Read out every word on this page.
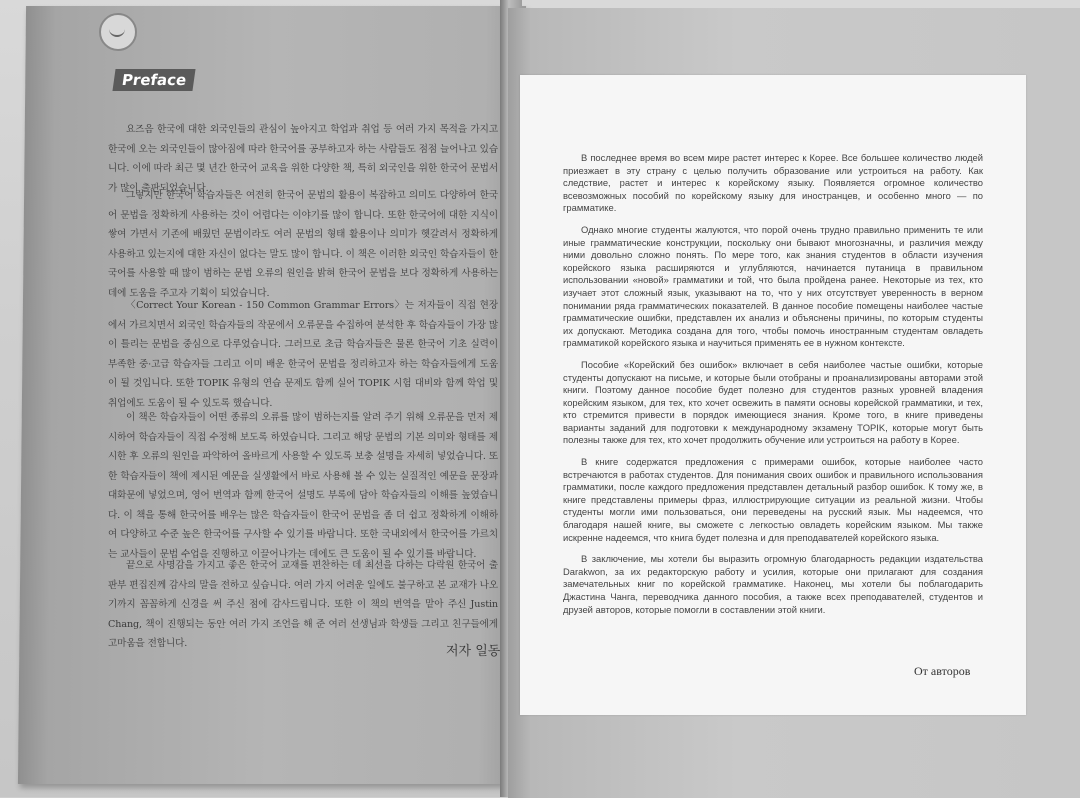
Preface

요즈음 한국에 대한 외국인들의 관심이 높아지고 학업과 취업 등 여러 가지 목적을 가지고 한국에 오는 외국인들이 많아짐에 따라 한국어를 공부하고자 하는 사람들도 점점 늘어나고 있습니다. 이에 따라 최근 몇 년간 한국어 교육을 위한 다양한 책, 특히 외국인을 위한 한국어 문법서가 많이 출판되었습니다.

그렇지만 한국어 학습자들은 여전히 한국어 문법의 활용이 복잡하고 의미도 다양하여 한국어 문법을 정확하게 사용하는 것이 어렵다는 이야기를 많이 합니다. 또한 한국어에 대한 지식이 쌓여 가면서 기존에 배웠던 문법이라도 여러 문법의 형태 활용이나 의미가 헷갈려서 정확하게 사용하고 있는지에 대한 자신이 없다는 말도 많이 합니다. 이 책은 이러한 외국인 학습자들이 한국어를 사용할 때 많이 범하는 문법 오류의 원인을 밝혀 한국어 문법을 보다 정확하게 사용하는 데에 도움을 주고자 기획이 되었습니다.

〈Correct Your Korean - 150 Common Grammar Errors〉는 저자들이 직접 현장에서 가르치면서 외국인 학습자들의 작문에서 오류문을 수집하여 분석한 후 학습자들이 가장 많이 틀리는 문법을 중심으로 다루었습니다. 그러므로 초급 학습자들은 물론 한국어 기초 실력이 부족한 중·고급 학습자들 그리고 이미 배운 한국어 문법을 정리하고자 하는 학습자들에게 도움이 될 것입니다. 또한 TOPIK 유형의 연습 문제도 함께 실어 TOPIK 시험 대비와 함께 학업 및 취업에도 도움이 될 수 있도록 했습니다.

이 책은 학습자들이 어떤 종류의 오류를 많이 범하는지를 알려 주기 위해 오류문을 먼저 제시하여 학습자들이 직접 수정해 보도록 하였습니다. 그리고 해당 문법의 기본 의미와 형태를 제시한 후 오류의 원인을 파악하여 올바르게 사용할 수 있도록 보충 설명을 자세히 넣었습니다. 또한 학습자들이 책에 제시된 예문을 실생활에서 바로 사용해 볼 수 있는 실질적인 예문을 문장과 대화문에 넣었으며, 영어 번역과 함께 한국어 설명도 부록에 담아 학습자들의 이해를 높였습니다. 이 책을 통해 한국어를 배우는 많은 학습자들이 한국어 문법을 좀 더 쉽고 정확하게 이해하여 다양하고 수준 높은 한국어를 구사할 수 있기를 바랍니다. 또한 국내외에서 한국어를 가르치는 교사들이 문법 수업을 진행하고 이끌어나가는 데에도 큰 도움이 될 수 있기를 바랍니다.

끝으로 사명감을 가지고 좋은 한국어 교재를 편찬하는 데 최선을 다하는 다락원 한국어 출판부 편집진께 감사의 말을 전하고 싶습니다. 여러 가지 어려운 일에도 불구하고 본 교재가 나오기까지 꼼꼼하게 신경을 써 주신 점에 감사드립니다. 또한 이 책의 번역을 맡아 주신 Justin Chang, 책이 진행되는 동안 여러 가지 조언을 해 준 여러 선생님과 학생들 그리고 친구들에게 고마움을 전합니다.

저자 일동

В последнее время во всем мире растет интерес к Корее. Все большее количество людей приезжает в эту страну с целью получить образование или устроиться на работу. Как следствие, растет и интерес к корейскому языку. Появляется огромное количество всевозможных пособий по корейскому языку для иностранцев, и особенно много — по грамматике.

Однако многие студенты жалуются, что порой очень трудно правильно применить те или иные грамматические конструкции, поскольку они бывают многозначны, и различия между ними довольно сложно понять. По мере того, как знания студентов в области изучения корейского языка расширяются и углубляются, начинается путаница в правильном использовании «новой» грамматики и той, что была пройдена ранее. Некоторые из тех, кто изучает этот сложный язык, указывают на то, что у них отсутствует уверенность в верном понимании ряда грамматических показателей. В данное пособие помещены наиболее частые грамматические ошибки, представлен их анализ и объяснены причины, по которым студенты их допускают. Методика создана для того, чтобы помочь иностранным студентам овладеть грамматикой корейского языка и научиться применять ее в нужном контексте.

Пособие «Корейский без ошибок» включает в себя наиболее частые ошибки, которые студенты допускают на письме, и которые были отобраны и проанализированы авторами этой книги. Поэтому данное пособие будет полезно для студентов разных уровней владения корейским языком, для тех, кто хочет освежить в памяти основы корейской грамматики, и тех, кто стремится привести в порядок имеющиеся знания. Кроме того, в книге приведены варианты заданий для подготовки к международному экзамену TOPIK, которые могут быть полезны также для тех, кто хочет продолжить обучение или устроиться на работу в Корее.

В книге содержатся предложения с примерами ошибок, которые наиболее часто встречаются в работах студентов. Для понимания своих ошибок и правильного использования грамматики, после каждого предложения представлен детальный разбор ошибок. К тому же, в книге представлены примеры фраз, иллюстрирующие ситуации из реальной жизни. Чтобы студенты могли ими пользоваться, они переведены на русский язык. Мы надеемся, что благодаря нашей книге, вы сможете с легкостью овладеть корейским языком. Мы также искренне надеемся, что книга будет полезна и для преподавателей корейского языка.

В заключение, мы хотели бы выразить огромную благодарность редакции издательства Darakwon, за их редакторскую работу и усилия, которые они прилагают для создания замечательных книг по корейской грамматике. Наконец, мы хотели бы поблагодарить Джастина Чанга, переводчика данного пособия, а также всех преподавателей, студентов и друзей авторов, которые помогли в составлении этой книги.

От авторов
